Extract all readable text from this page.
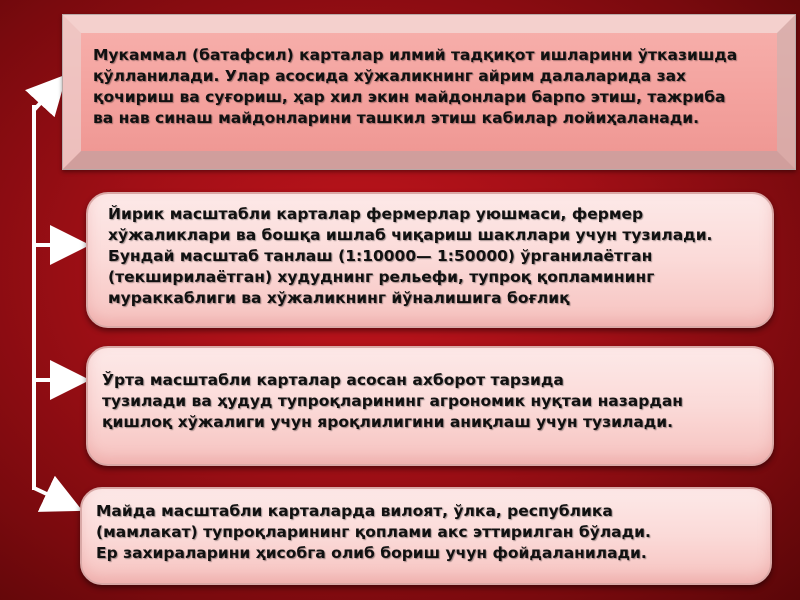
Мукаммал (батафсил) карталар илмий тадқиқот ишларини ўтказишда

қўлланилади. Улар асосида хўжаликнинг айрим далаларида зах

қочириш ва суғориш, ҳар хил экин майдонлари барпо этиш, тажриба

ва нав синаш майдонларини ташкил этиш кабилар лойиҳаланади.

Йирик масштабли карталар фермерлар уюшмаси, фермер

хўжаликлари ва бошқа ишлаб чиқариш шакллари учун тузилади.

Бундай масштаб танлаш (1:10000— 1:50000) ўрганилаётган

(текширилаётган) худуднинг рельефи, тупроқ қопламининг

мураккаблиги ва хўжаликнинг йўналишига боғлиқ

Ўрта масштабли карталар асосан ахборот тарзида

тузилади ва ҳудуд тупроқларининг агрономик нуқтаи назардан

қишлоқ хўжалиги учун яроқлилигини аниқлаш учун тузилади.

Майда масштабли карталарда вилоят, ўлка, республика

(мамлакат) тупроқларининг қоплами акс эттирилган бўлади.

Ер захираларини ҳисобга олиб бориш учун фойдаланилади.
